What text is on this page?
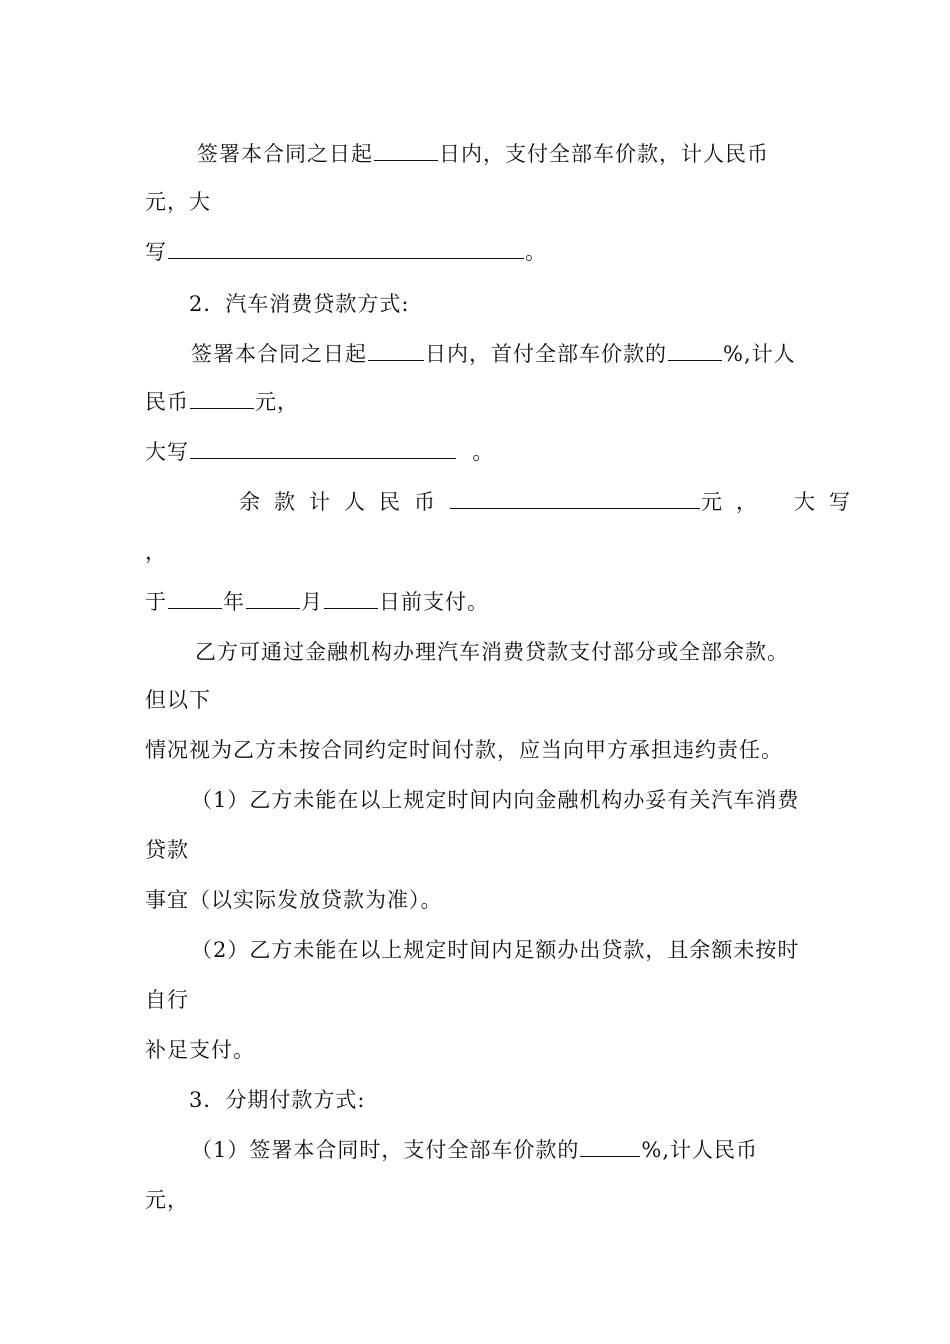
签署本合同之日起	日内，支付全部车价款，计人民币
元，大
写	。
2．汽车消费贷款方式:
签署本合同之日起	日内，首付全部车价款的	%,计人
民币	元，
大写	。
余款计人民币	元， 大写
，
于	年	月	日前支付。
乙方可通过金融机构办理汽车消费贷款支付部分或全部余款。
但以下
情况视为乙方未按合同约定时间付款，应当向甲方承担违约责任。
（1）乙方未能在以上规定时间内向金融机构办妥有关汽车消费
贷款
事宜（以实际发放贷款为准）。
（2）乙方未能在以上规定时间内足额办出贷款，且余额未按时
自行
补足支付。
3．分期付款方式:
（1）签署本合同时，支付全部车价款的	%,计人民币
元，
